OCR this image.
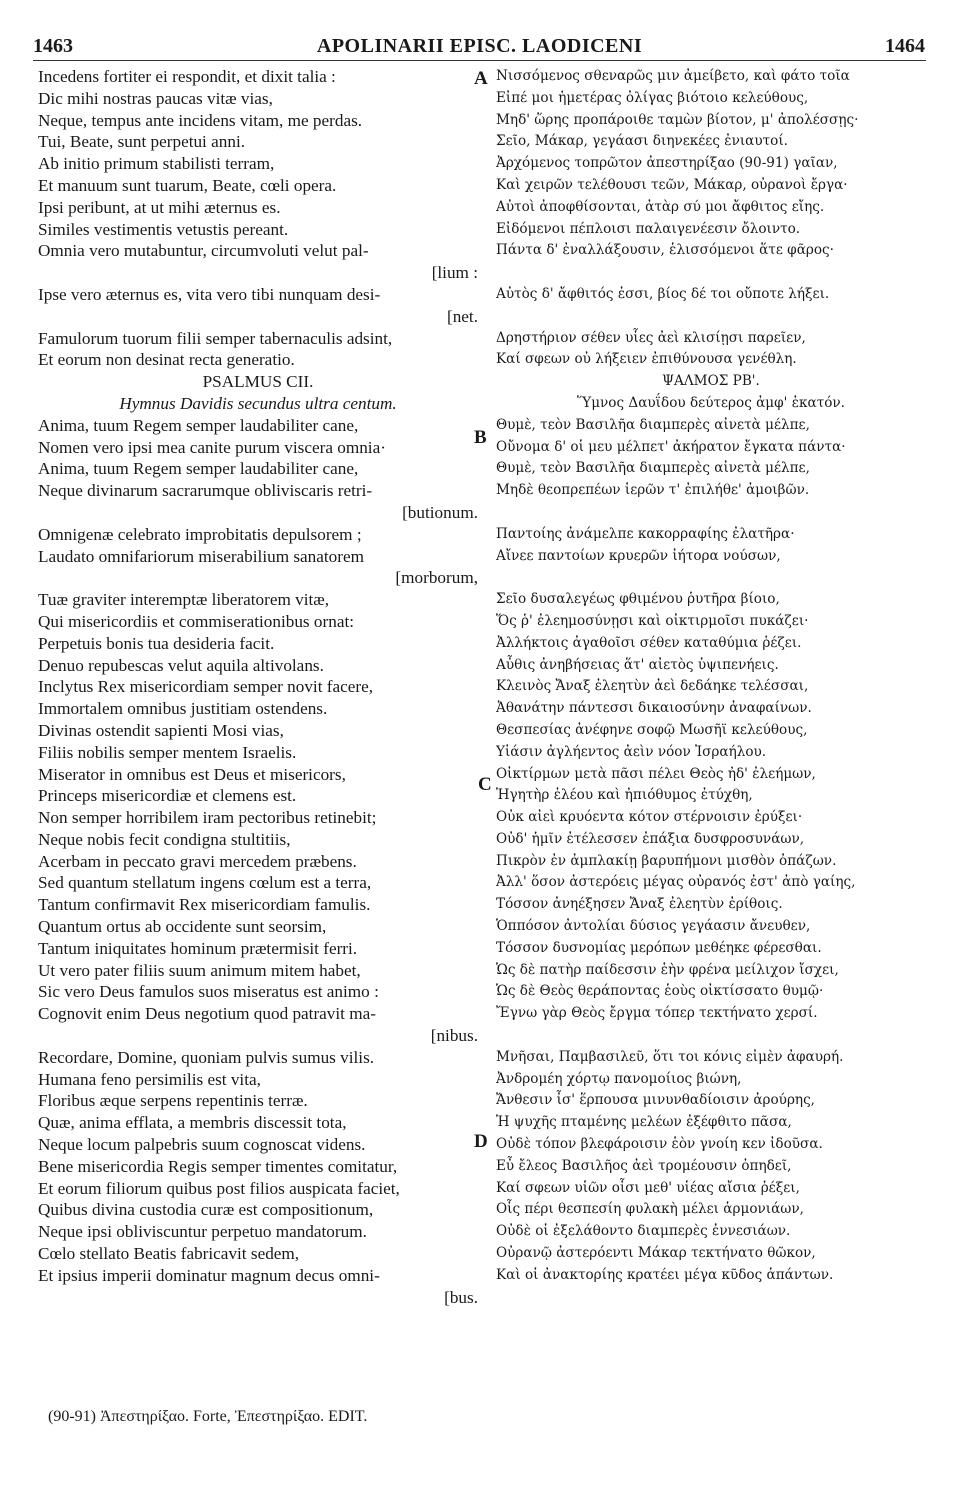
1463	APOLINARII EPISC. LAODICENI	1464
A
B
C
D
Incedens fortiter ei respondit, et dixit talia :
Dic mihi nostras paucas vitæ vias,
Neque, tempus ante incidens vitam, me perdas.
Tui, Beate, sunt perpetui anni.
Ab initio primum stabilisti terram,
Et manuum sunt tuarum, Beate, cœli opera.
Ipsi peribunt, at ut mihi æternus es.
Similes vestimentis vetustis pereant.
Omnia vero mutabuntur, circumvoluti velut pal-
[lium :
Ipse vero æternus es, vita vero tibi nunquam desi-
[net.
Famulorum tuorum filii semper tabernaculis adsint,
Et eorum non desinat recta generatio.
PSALMUS CII.
Hymnus Davidis secundus ultra centum.
Anima, tuum Regem semper laudabiliter cane,
Nomen vero ipsi mea canite purum viscera omnia·
Anima, tuum Regem semper laudabiliter cane,
Neque divinarum sacrarumque obliviscaris retri-
[butionum.
Omnigenæ celebrato improbitatis depulsorem ;
Laudato omnifariorum miserabilium sanatorem
[morborum,
Tuæ graviter interemptæ liberatorem vitæ,
Qui misericordiis et commiserationibus ornat:
Perpetuis bonis tua desideria facit.
Denuo repubescas velut aquila altivolans.
Inclytus Rex misericordiam semper novit facere,
Immortalem omnibus justitiam ostendens.
Divinas ostendit sapienti Mosi vias,
Filiis nobilis semper mentem Israelis.
Miserator in omnibus est Deus et misericors,
Princeps misericordiæ et clemens est.
Non semper horribilem iram pectoribus retinebit;
Neque nobis fecit condigna stultitiis,
Acerbam in peccato gravi mercedem præbens.
Sed quantum stellatum ingens cœlum est a terra,
Tantum confirmavit Rex misericordiam famulis.
Quantum ortus ab occidente sunt seorsim,
Tantum iniquitates hominum prætermisit ferri.
Ut vero pater filiis suum animum mitem habet,
Sic vero Deus famulos suos miseratus est animo :
Cognovit enim Deus negotium quod patravit ma-
[nibus.
Recordare, Domine, quoniam pulvis sumus vilis.
Humana feno persimilis est vita,
Floribus æque serpens repentinis terræ.
Quæ, anima efflata, a membris discessit tota,
Neque locum palpebris suum cognoscat videns.
Bene misericordia Regis semper timentes comitatur,
Et eorum filiorum quibus post filios auspicata faciet,
Quibus divina custodia curæ est compositionum,
Neque ipsi obliviscuntur perpetuo mandatorum.
Cœlo stellato Beatis fabricavit sedem,
Et ipsius imperii dominatur magnum decus omni-
[bus.
Νισσόμενος σθεναρῶς μιν ἀμείβετο, καὶ φάτο τοῖα
Εἰπέ μοι ἡμετέρας ὀλίγας βιότοιο κελεύθους,
Μηδ' ὥρης προπάροιθε ταμὼν βίοτον, μ' ἀπολέσσῃς·
Σεῖο, Μάκαρ, γεγάασι διηνεκέες ἐνιαυτοί.
Ἀρχόμενος τοπρῶτον ἀπεστηρίξαο (90-91) γαῖαν,
Καὶ χειρῶν τελέθουσι τεῶν, Μάκαρ, οὐρανοὶ ἔργα·
Αὐτοὶ ἀποφθίσονται, ἀτὰρ σύ μοι ἄφθιτος εἴης.
Εἰδόμενοι πέπλοισι παλαιγενέεσιν ὄλοιντο.
Πάντα δ' ἐναλλάξουσιν, ἑλισσόμενοι ἅτε φᾶρος·
Αὐτὸς δ' ἄφθιτός ἐσσι, βίος δέ τοι οὔποτε λήξει.
Δρηστήριον σέθεν υἷες ἀεὶ κλισίῃσι παρεῖεν,
Καί σφεων οὐ λήξειεν ἐπιθύνουσα γενέθλη.
ΨΑΛΜΟΣ ΡΒ'.
Ὕμνος Δαυΐδου δεύτερος ἀμφ' ἑκατόν.
Θυμὲ, τεὸν Βασιλῆα διαμπερὲς αἰνετὰ μέλπε,
Οὔνομα δ' οἱ μευ μέλπετ' ἀκήρατον ἔγκατα πάντα·
Θυμὲ, τεὸν Βασιλῆα διαμπερὲς αἰνετὰ μέλπε,
Μηδὲ θεοπρεπέων ἱερῶν τ' ἐπιλήθε' ἀμοιβῶν.
Παντοίης ἀνάμελπε κακορραφίης ἐλατῆρα·
Αἴνεε παντοίων κρυερῶν ἰήτορα νούσων,
Σεῖο δυσαλεγέως φθιμένου ῥυτῆρα βίοιο,
Ὅς ῥ' ἐλεημοσύνῃσι καὶ οἰκτιρμοῖσι πυκάζει·
Ἀλλήκτοις ἀγαθοῖσι σέθεν καταθύμια ῥέζει.
Αὖθις ἀνηβήσειας ἅτ' αἰετὸς ὑψιπενήεις.
Κλεινὸς Ἄναξ ἐλεητὺν ἀεὶ δεδάηκε τελέσσαι,
Ἀθανάτην πάντεσσι δικαιοσύνην ἀναφαίνων.
Θεσπεσίας ἀνέφηνε σοφῷ Μωσῆϊ κελεύθους,
Υἱάσιν ἀγλήεντος ἀεὶν νόον Ἰσραήλου.
Οἰκτίρμων μετὰ πᾶσι πέλει Θεὸς ἠδ' ἐλεήμων,
Ἡγητὴρ ἐλέου καὶ ἠπιόθυμος ἐτύχθη,
Οὐκ αἰεὶ κρυόεντα κότον στέρνοισιν ἐρύξει·
Οὐδ' ἡμῖν ἐτέλεσσεν ἐπάξια δυσφροσυνάων,
Πικρὸν ἐν ἀμπλακίῃ βαρυπήμονι μισθὸν ὀπάζων.
Ἀλλ' ὅσον ἀστερόεις μέγας οὐρανός ἐστ' ἀπὸ γαίης,
Τόσσον ἀνηέξησεν Ἄναξ ἐλεητὺν ἐρίθοις.
Ὁππόσον ἀντολίαι δύσιος γεγάασιν ἄνευθεν,
Τόσσον δυσνομίας μερόπων μεθέηκε φέρεσθαι.
Ὡς δὲ πατὴρ παίδεσσιν ἑὴν φρένα μείλιχον ἴσχει,
Ὡς δὲ Θεὸς θεράποντας ἑοὺς οἰκτίσσατο θυμῷ·
Ἔγνω γὰρ Θεὸς ἔργμα τόπερ τεκτήνατο χερσί.
Μνῆσαι, Παμβασιλεῦ, ὅτι τοι κόνις εἰμὲν ἀφαυρή.
Ἀνδρομέη χόρτῳ πανομοίιος βιώνη,
Ἄνθεσιν ἶσ' ἕρπουσα μινυνθαδίοισιν ἀρούρης,
Ἡ ψυχῆς πταμένης μελέων ἐξέφθιτο πᾶσα,
Οὐδὲ τόπον βλεφάροισιν ἑὸν γνοίη κεν ἰδοῦσα.
Εὖ ἔλεος Βασιλῆος ἀεὶ τρομέουσιν ὀπηδεῖ,
Καί σφεων υἱῶν οἷσι μεθ' υἱέας αἴσια ῥέξει,
Οἷς πέρι θεσπεσίη φυλακὴ μέλει ἁρμονιάων,
Οὐδὲ οἱ ἐξελάθοντο διαμπερὲς ἐννεσιάων.
Οὐρανῷ ἀστερόεντι Μάκαρ τεκτήνατο θῶκον,
Καὶ οἱ ἀνακτορίης κρατέει μέγα κῦδος ἁπάντων.
(90-91) Ἀπεστηρίξαο. Forte, Ἐπεστηρίξαο. EDIT.
